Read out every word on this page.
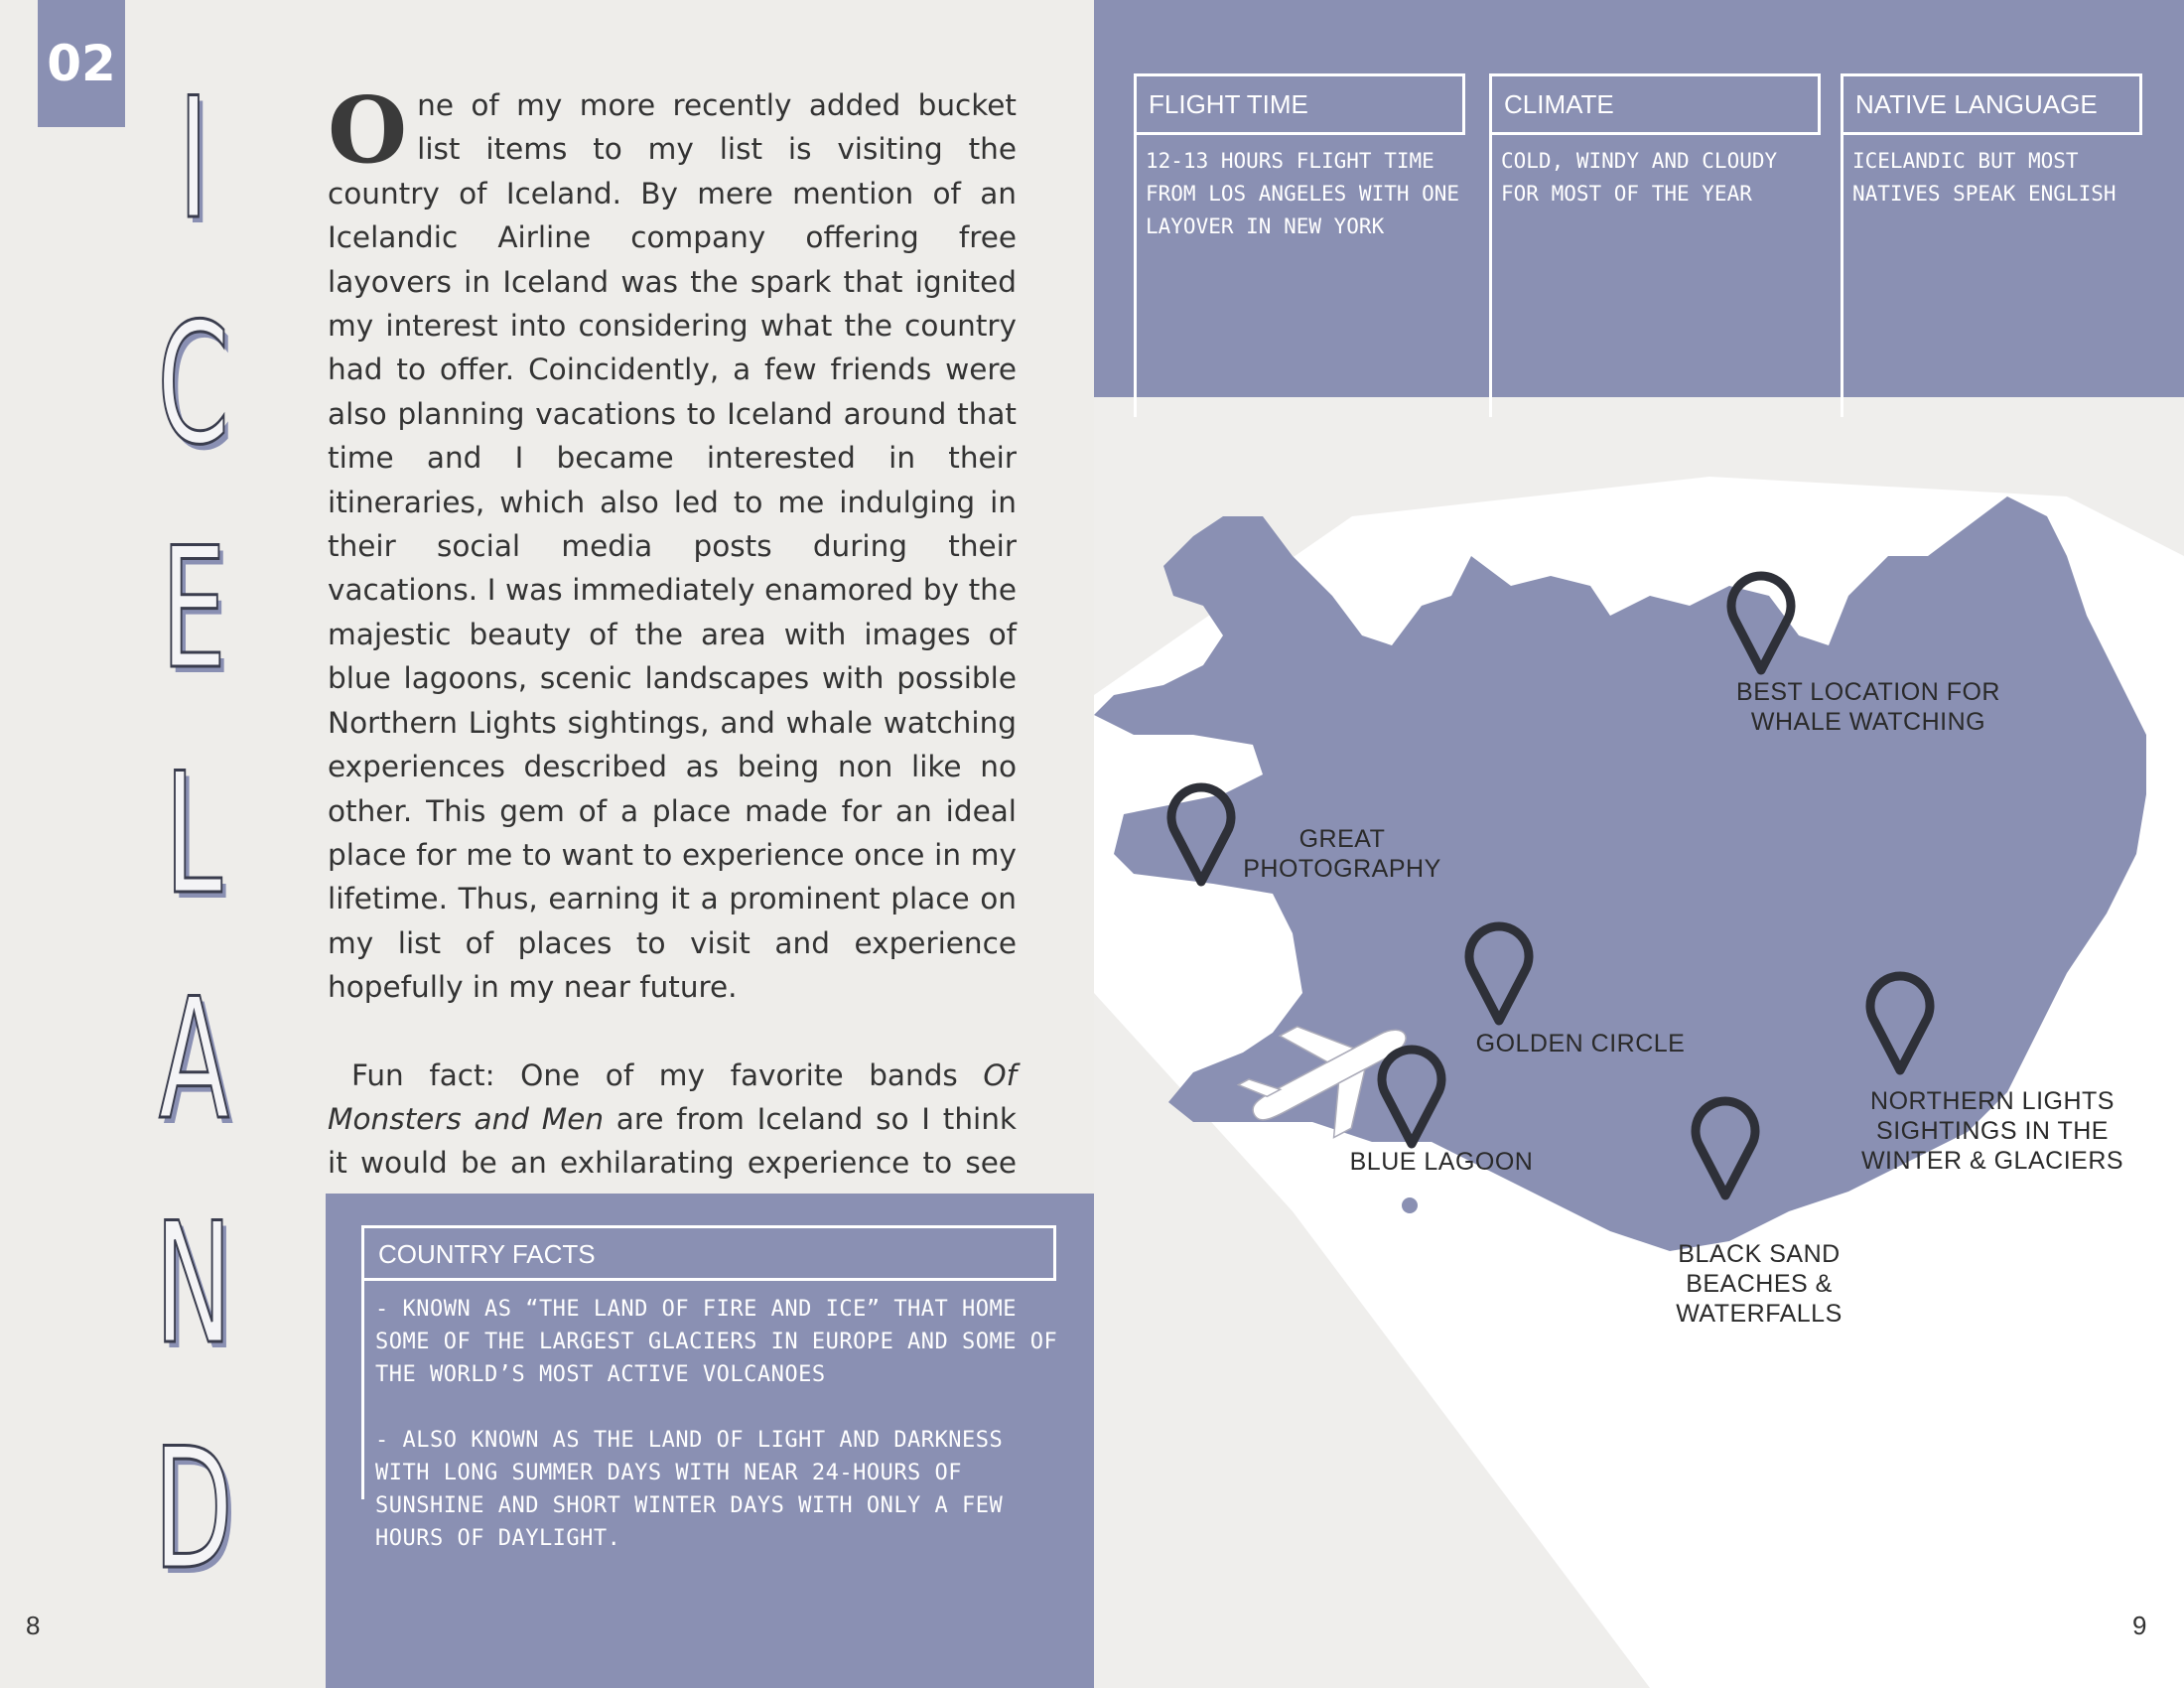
02 I
C
E
L
A
N
D

One of my more recently added bucket list items to my list is visiting the country of Iceland. By mere mention of an Icelandic Airline company offering free layovers in Iceland was the spark that ignited my interest into considering what the country had to offer. Coincidently, a few friends were also planning vacations to Iceland around that time and I became interested in their itineraries, which also led to me indulging in their social media posts during their vacations. I was immediately enamored by the majestic beauty of the area with images of blue lagoons, scenic landscapes with possible Northern Lights sightings, and whale watching experiences described as being non like no other. This gem of a place made for an ideal place for me to want to experience once in my lifetime. Thus, earning it a prominent place on my list of places to visit and experience hopefully in my near future.

Fun fact: One of my favorite bands Of Monsters and Men are from Iceland so I think it would be an exhilarating experience to see

COUNTRY FACTS

- KNOWN AS “THE LAND OF FIRE AND ICE” THAT HOME SOME OF THE LARGEST GLACIERS IN EUROPE AND SOME OF THE WORLD’S MOST ACTIVE VOLCANOES

- ALSO KNOWN AS THE LAND OF LIGHT AND DARKNESS WITH LONG SUMMER DAYS WITH NEAR 24-HOURS OF SUNSHINE AND SHORT WINTER DAYS WITH ONLY A FEW HOURS OF DAYLIGHT.

8
FLIGHT TIME
12-13 HOURS FLIGHT TIME FROM LOS ANGELES WITH ONE LAYOVER IN NEW YORK
CLIMATE
COLD, WINDY AND CLOUDY FOR MOST OF THE YEAR
NATIVE LANGUAGE
ICELANDIC BUT MOST NATIVES SPEAK ENGLISH
BEST LOCATION FOR WHALE WATCHING
GREAT PHOTOGRAPHY
GOLDEN CIRCLE
BLUE LAGOON
NORTHERN LIGHTS SIGHTINGS IN THE WINTER & GLACIERS
BLACK SAND BEACHES & WATERFALLS
9
